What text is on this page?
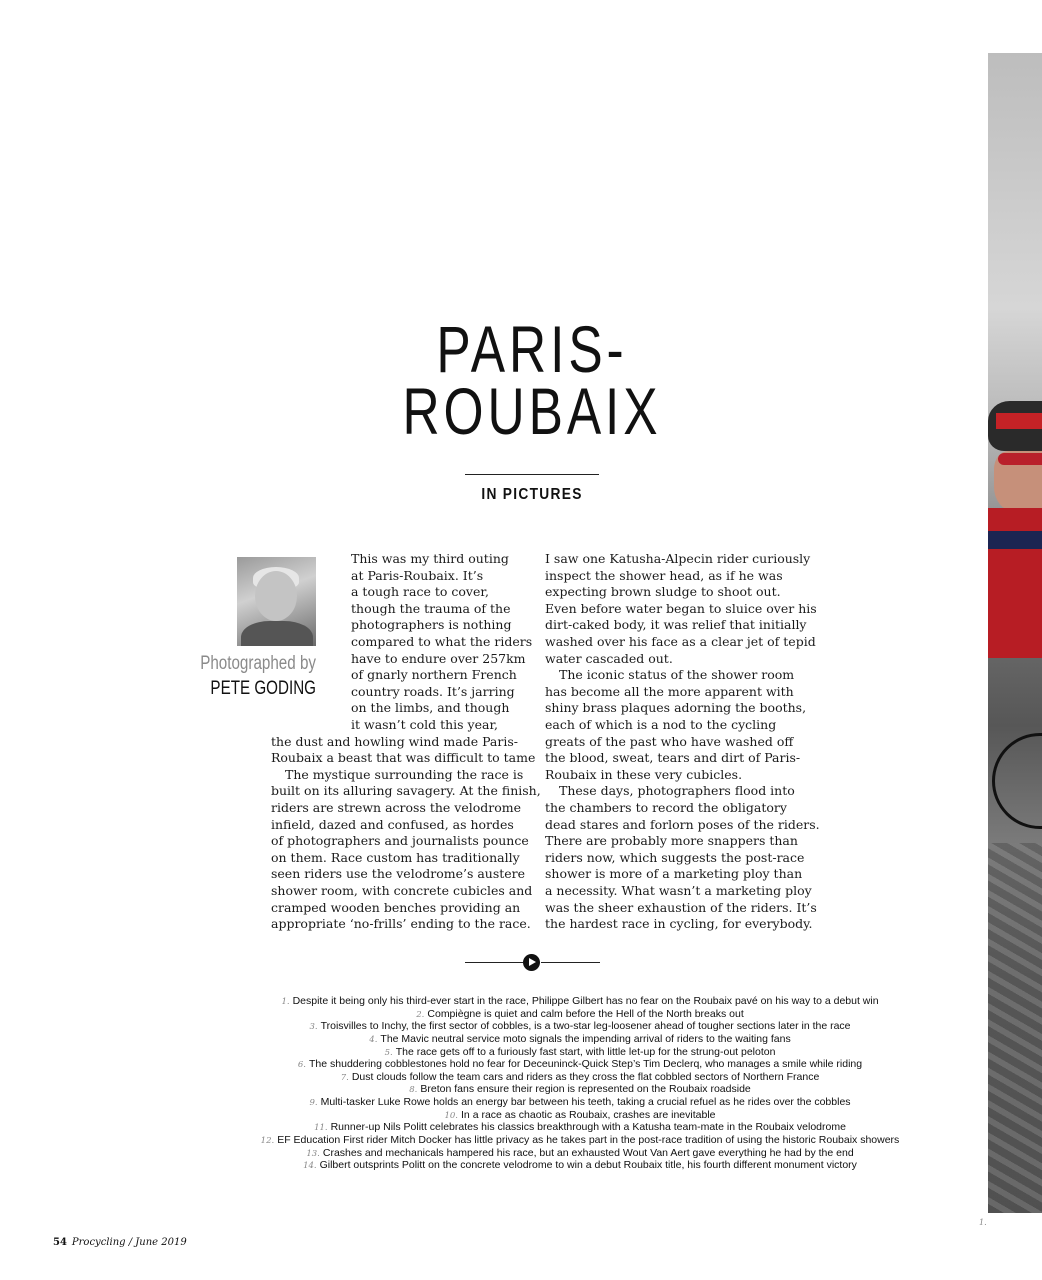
PARIS-
ROUBAIX
IN PICTURES
Photographed by
PETE GODING
This was my third outing
at Paris-Roubaix. It’s
a tough race to cover,
though the trauma of the
photographers is nothing
compared to what the riders
have to endure over 257km
of gnarly northern French
country roads. It’s jarring
on the limbs, and though
it wasn’t cold this year,
the dust and howling wind made Paris-
Roubaix a beast that was difficult to tame
The mystique surrounding the race is
built on its alluring savagery. At the finish,
riders are strewn across the velodrome
infield, dazed and confused, as hordes
of photographers and journalists pounce
on them. Race custom has traditionally
seen riders use the velodrome’s austere
shower room, with concrete cubicles and
cramped wooden benches providing an
appropriate ‘no-frills’ ending to the race.
I saw one Katusha-Alpecin rider curiously
inspect the shower head, as if he was
expecting brown sludge to shoot out.
Even before water began to sluice over his
dirt-caked body, it was relief that initially
washed over his face as a clear jet of tepid
water cascaded out.
The iconic status of the shower room
has become all the more apparent with
shiny brass plaques adorning the booths,
each of which is a nod to the cycling
greats of the past who have washed off
the blood, sweat, tears and dirt of Paris-
Roubaix in these very cubicles.
These days, photographers flood into
the chambers to record the obligatory
dead stares and forlorn poses of the riders.
There are probably more snappers than
riders now, which suggests the post-race
shower is more of a marketing ploy than
a necessity. What wasn’t a marketing ploy
was the sheer exhaustion of the riders. It’s
the hardest race in cycling, for everybody.
1. Despite it being only his third-ever start in the race, Philippe Gilbert has no fear on the Roubaix pavé on his way to a debut win
2. Compiègne is quiet and calm before the Hell of the North breaks out
3. Troisvilles to Inchy, the first sector of cobbles, is a two-star leg-loosener ahead of tougher sections later in the race
4. The Mavic neutral service moto signals the impending arrival of riders to the waiting fans
5. The race gets off to a furiously fast start, with little let-up for the strung-out peloton
6. The shuddering cobblestones hold no fear for Deceuninck-Quick Step’s Tim Declerq, who manages a smile while riding
7. Dust clouds follow the team cars and riders as they cross the flat cobbled sectors of Northern France
8. Breton fans ensure their region is represented on the Roubaix roadside
9. Multi-tasker Luke Rowe holds an energy bar between his teeth, taking a crucial refuel as he rides over the cobbles
10. In a race as chaotic as Roubaix, crashes are inevitable
11. Runner-up Nils Politt celebrates his classics breakthrough with a Katusha team-mate in the Roubaix velodrome
12. EF Education First rider Mitch Docker has little privacy as he takes part in the post-race tradition of using the historic Roubaix showers
13. Crashes and mechanicals hampered his race, but an exhausted Wout Van Aert gave everything he had by the end
14. Gilbert outsprints Politt on the concrete velodrome to win a debut Roubaix title, his fourth different monument victory
54 Procycling / June 2019
1.
